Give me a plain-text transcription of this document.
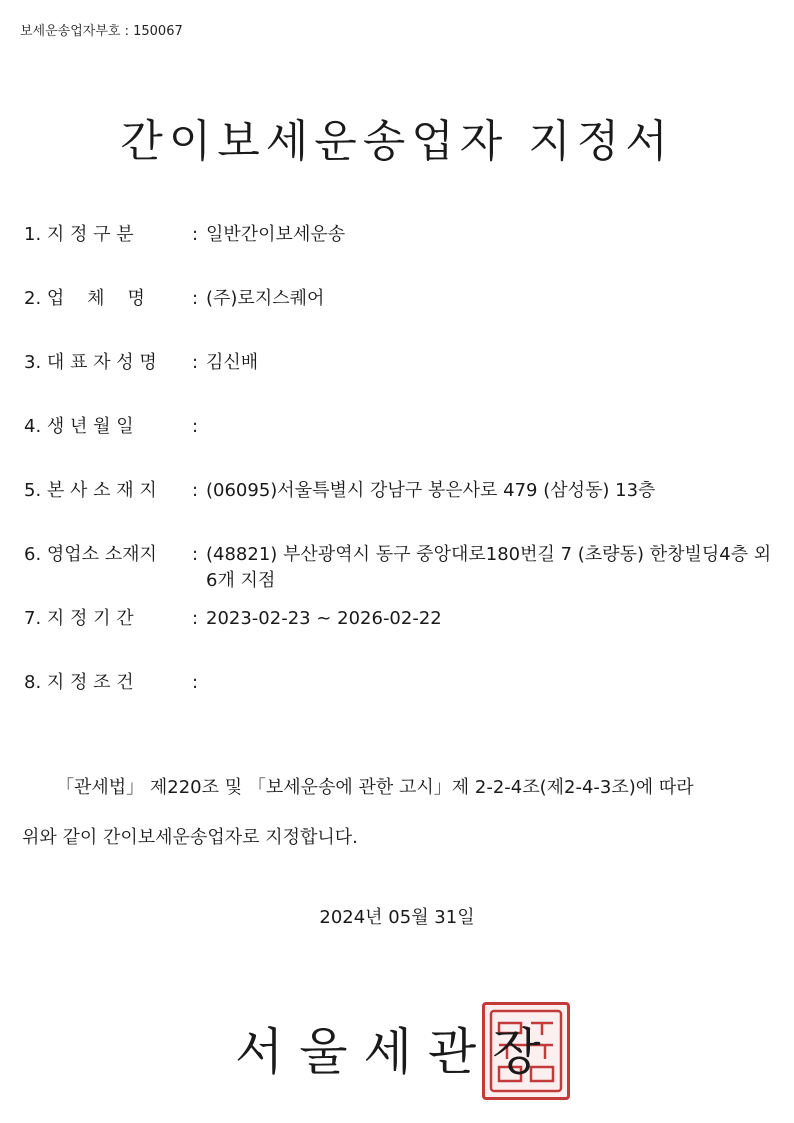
보세운송업자부호 : 150067
간이보세운송업자 지정서
1. 지 정 구 분	: 일반간이보세운송
2. 업    체    명	: (주)로지스퀘어
3. 대 표 자 성 명	: 김신배
4. 생 년 월 일	:
5. 본 사 소 재 지	: (06095)서울특별시 강남구 봉은사로 479 (삼성동) 13층
6. 영업소 소재지	: (48821) 부산광역시 동구 중앙대로180번길 7 (초량동) 한창빌딩4층 외 6개 지점
7. 지 정 기 간	: 2023-02-23 ~ 2026-02-22
8. 지 정 조 건	:
「관세법」 제220조 및 「보세운송에 관한 고시」제 2-2-4조(제2-4-3조)에 따라
위와 같이 간이보세운송업자로 지정합니다.
2024년 05월 31일
서울세관장
